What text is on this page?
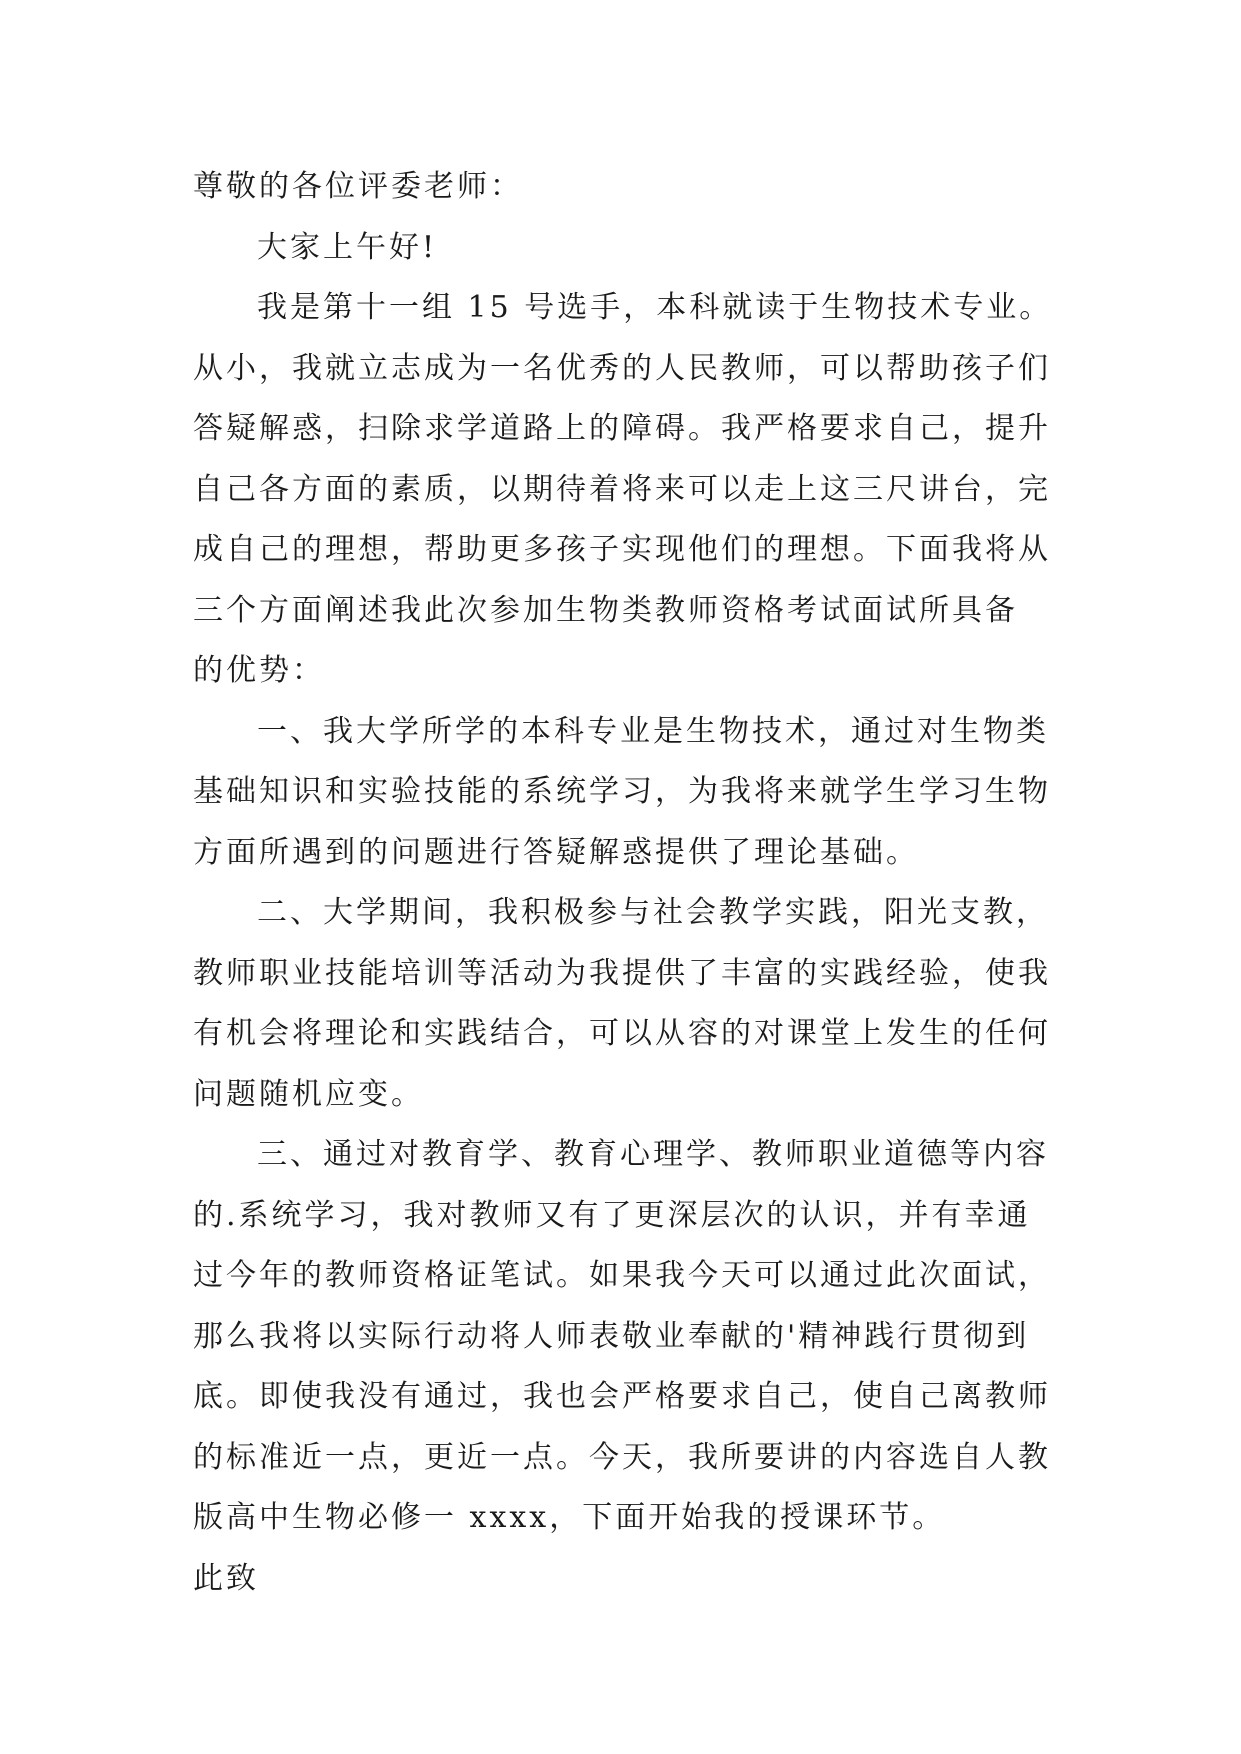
尊敬的各位评委老师：
大家上午好!
我是第十一组 15 号选手，本科就读于生物技术专业。
从小，我就立志成为一名优秀的人民教师，可以帮助孩子们
答疑解惑，扫除求学道路上的障碍。我严格要求自己，提升
自己各方面的素质，以期待着将来可以走上这三尺讲台，完
成自己的理想，帮助更多孩子实现他们的理想。下面我将从
三个方面阐述我此次参加生物类教师资格考试面试所具备
的优势：
一、我大学所学的本科专业是生物技术，通过对生物类
基础知识和实验技能的系统学习，为我将来就学生学习生物
方面所遇到的问题进行答疑解惑提供了理论基础。
二、大学期间，我积极参与社会教学实践，阳光支教，
教师职业技能培训等活动为我提供了丰富的实践经验，使我
有机会将理论和实践结合，可以从容的对课堂上发生的任何
问题随机应变。
三、通过对教育学、教育心理学、教师职业道德等内容
的.系统学习，我对教师又有了更深层次的认识，并有幸通
过今年的教师资格证笔试。如果我今天可以通过此次面试，
那么我将以实际行动将人师表敬业奉献的'精神践行贯彻到
底。即使我没有通过，我也会严格要求自己，使自己离教师
的标准近一点，更近一点。今天，我所要讲的内容选自人教
版高中生物必修一 xxxx，下面开始我的授课环节。
此致
